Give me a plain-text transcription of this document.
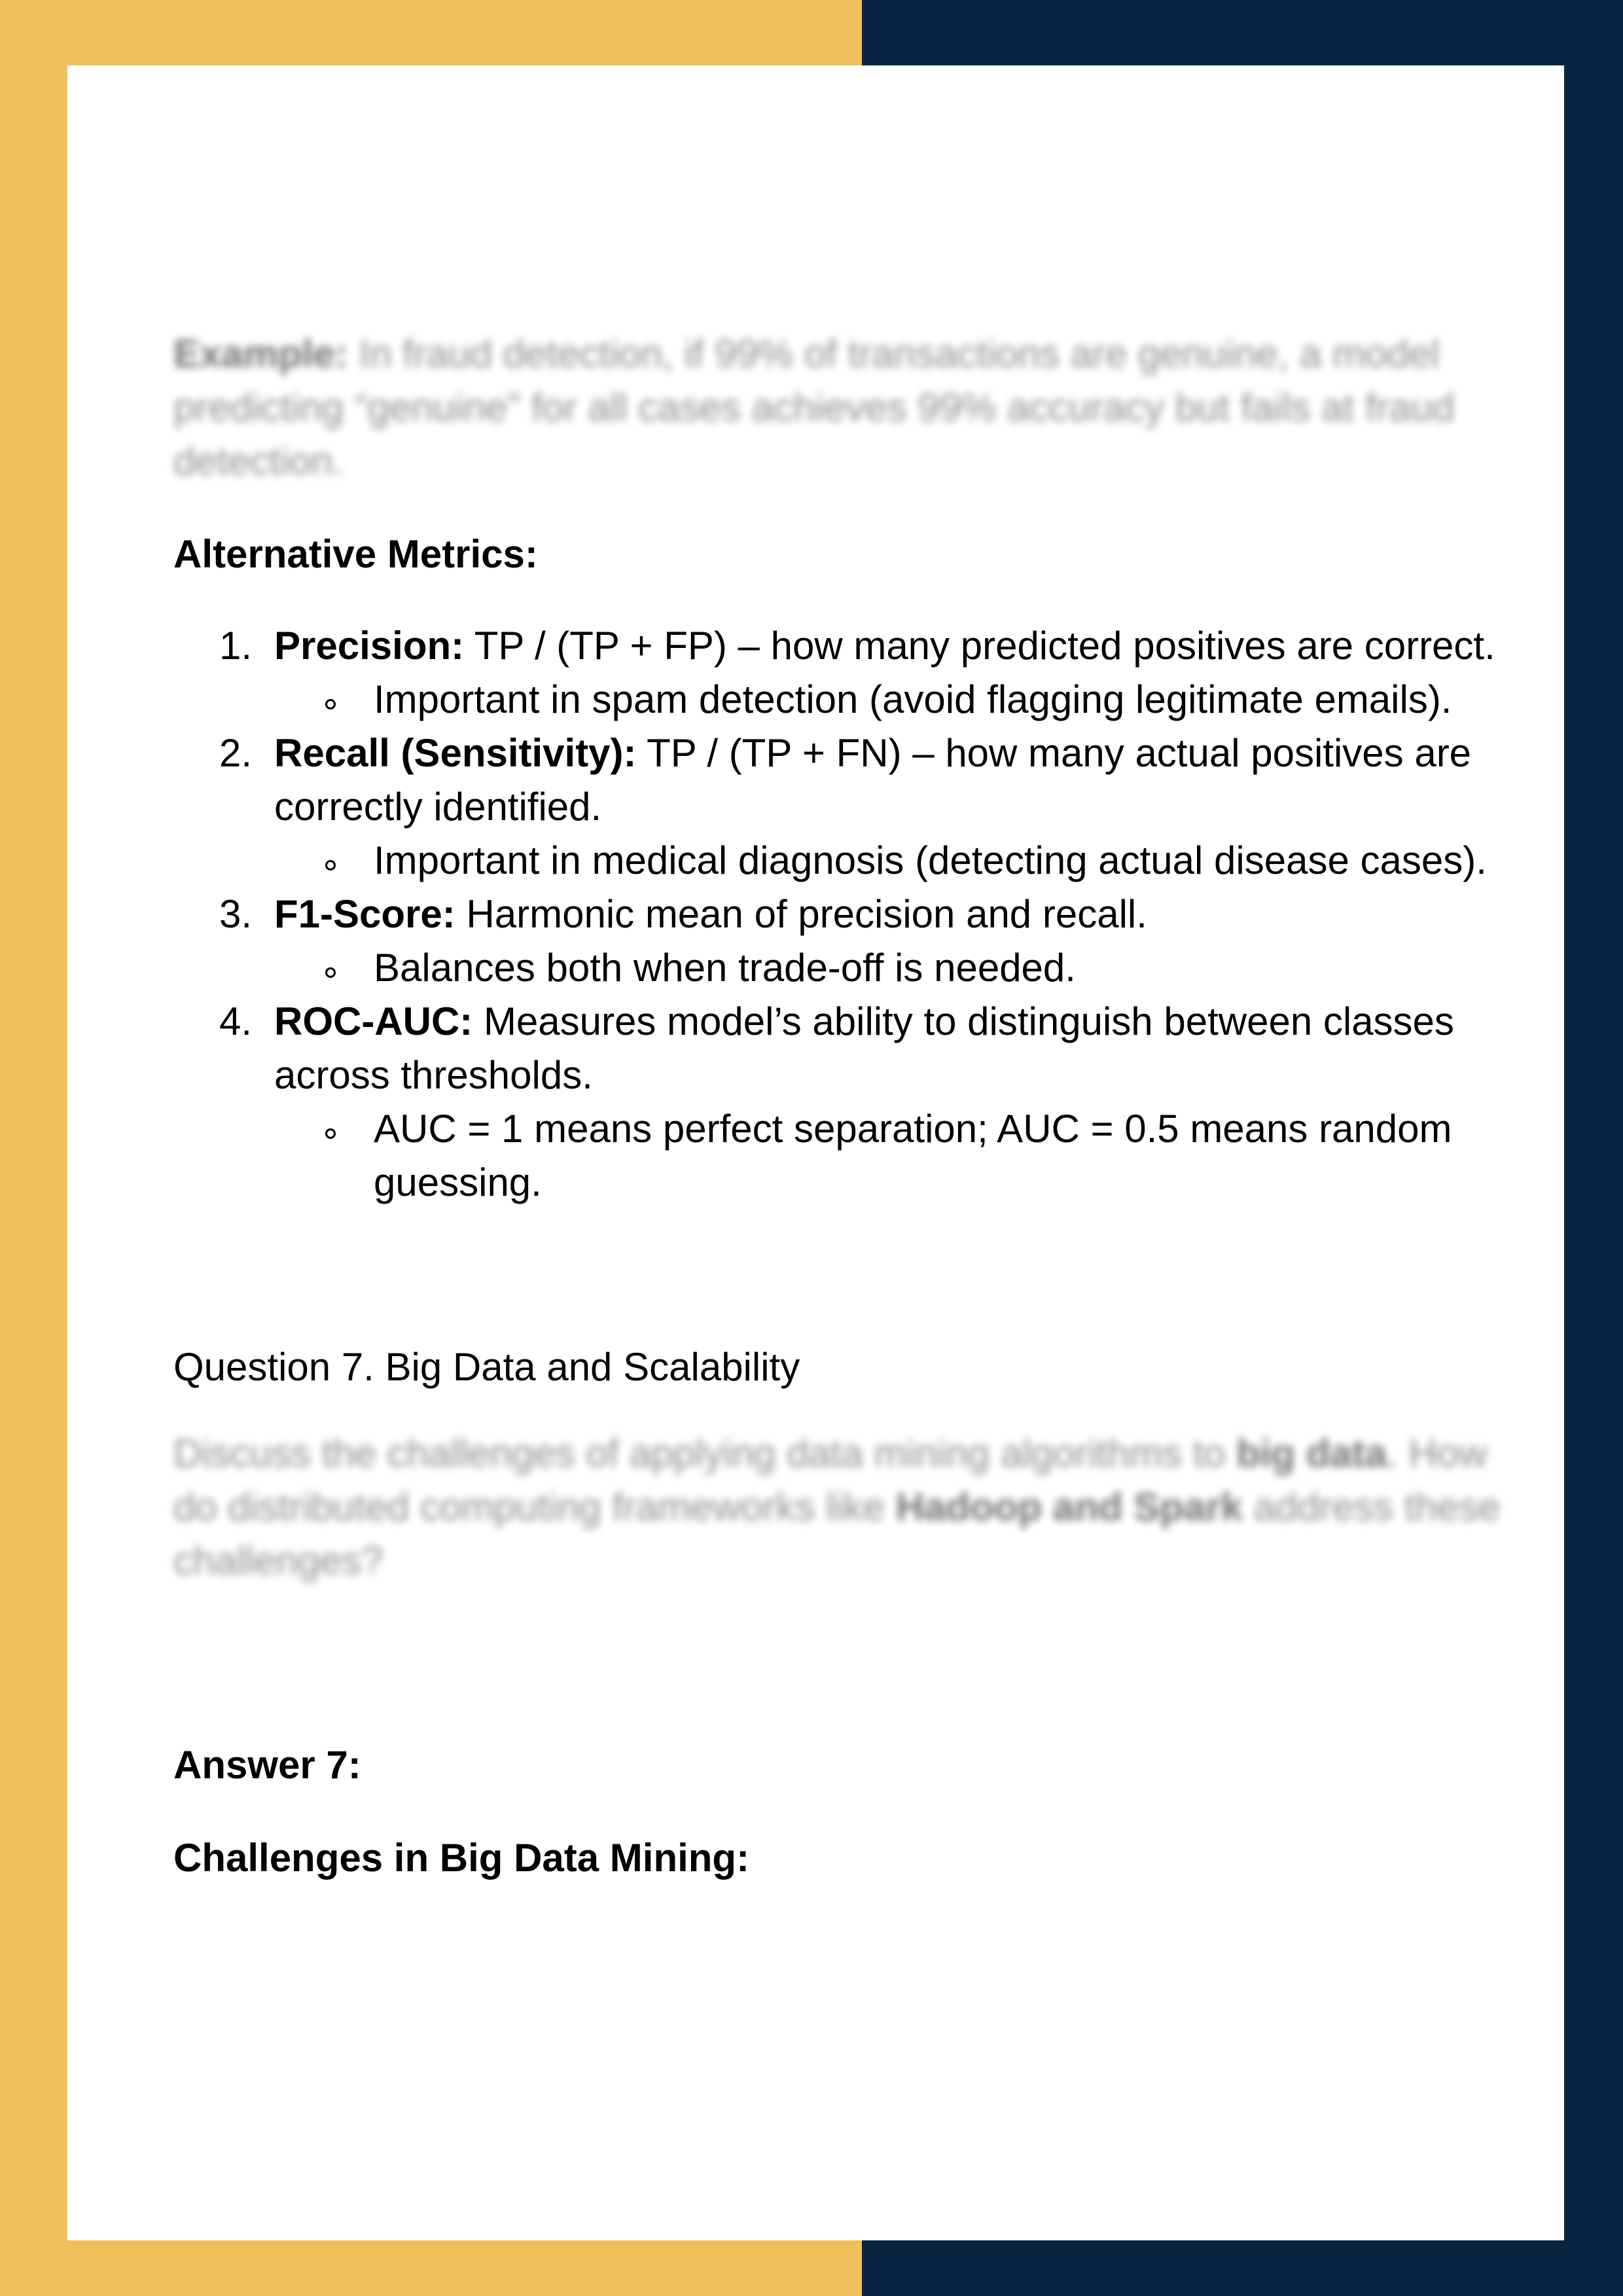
Example: In fraud detection, if 99% of transactions are genuine, a model predicting “genuine” for all cases achieves 99% accuracy but fails at fraud detection.

Alternative Metrics:

1. Precision: TP / (TP + FP) – how many predicted positives are correct.
Important in spam detection (avoid flagging legitimate emails).
2. Recall (Sensitivity): TP / (TP + FN) – how many actual positives are correctly identified.
Important in medical diagnosis (detecting actual disease cases).
3. F1-Score: Harmonic mean of precision and recall.
Balances both when trade-off is needed.
4. ROC-AUC: Measures model’s ability to distinguish between classes across thresholds.
AUC = 1 means perfect separation; AUC = 0.5 means random guessing.

Question 7. Big Data and Scalability

Discuss the challenges of applying data mining algorithms to big data. How do distributed computing frameworks like Hadoop and Spark address these challenges?

Answer 7:

Challenges in Big Data Mining:
